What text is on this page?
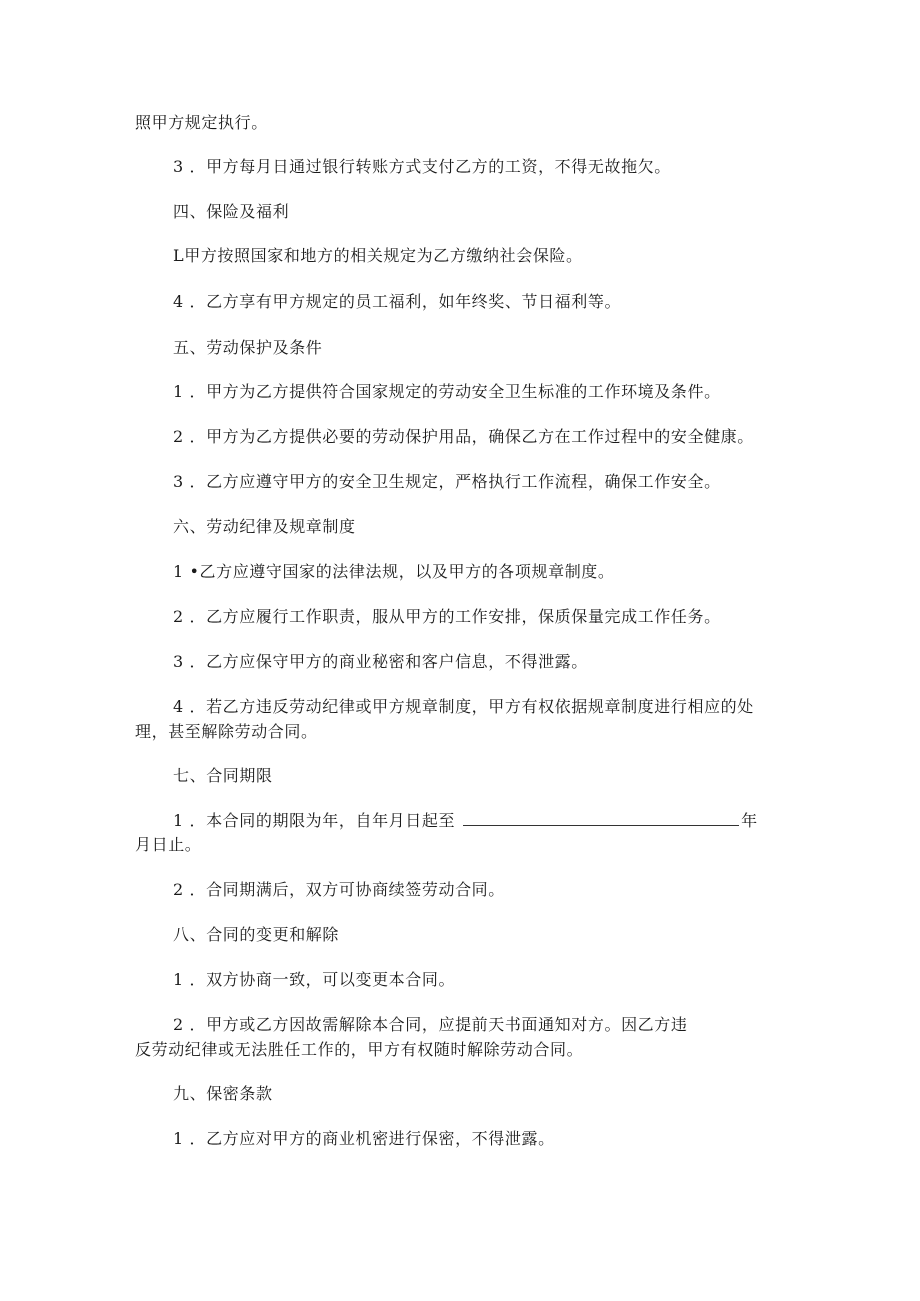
照甲方规定执行。
3 ．甲方每月日通过银行转账方式支付乙方的工资，不得无故拖欠。
四、保险及福利
L甲方按照国家和地方的相关规定为乙方缴纳社会保险。
4 ．乙方享有甲方规定的员工福利，如年终奖、节日福利等。
五、劳动保护及条件
1 ．甲方为乙方提供符合国家规定的劳动安全卫生标准的工作环境及条件。
2 ．甲方为乙方提供必要的劳动保护用品，确保乙方在工作过程中的安全健康。
3 ．乙方应遵守甲方的安全卫生规定，严格执行工作流程，确保工作安全。
六、劳动纪律及规章制度
1 •乙方应遵守国家的法律法规，以及甲方的各项规章制度。
2 ．乙方应履行工作职责，服从甲方的工作安排，保质保量完成工作任务。
3 ．乙方应保守甲方的商业秘密和客户信息，不得泄露。
4 ．若乙方违反劳动纪律或甲方规章制度，甲方有权依据规章制度进行相应的处
理，甚至解除劳动合同。
七、合同期限
1 ．本合同的期限为年，自年月日起至	年
月日止。
2 ．合同期满后，双方可协商续签劳动合同。
八、合同的变更和解除
1 ．双方协商一致，可以变更本合同。
2 ．甲方或乙方因故需解除本合同，应提前天书面通知对方。因乙方违
反劳动纪律或无法胜任工作的，甲方有权随时解除劳动合同。
九、保密条款
1 ．乙方应对甲方的商业机密进行保密，不得泄露。
